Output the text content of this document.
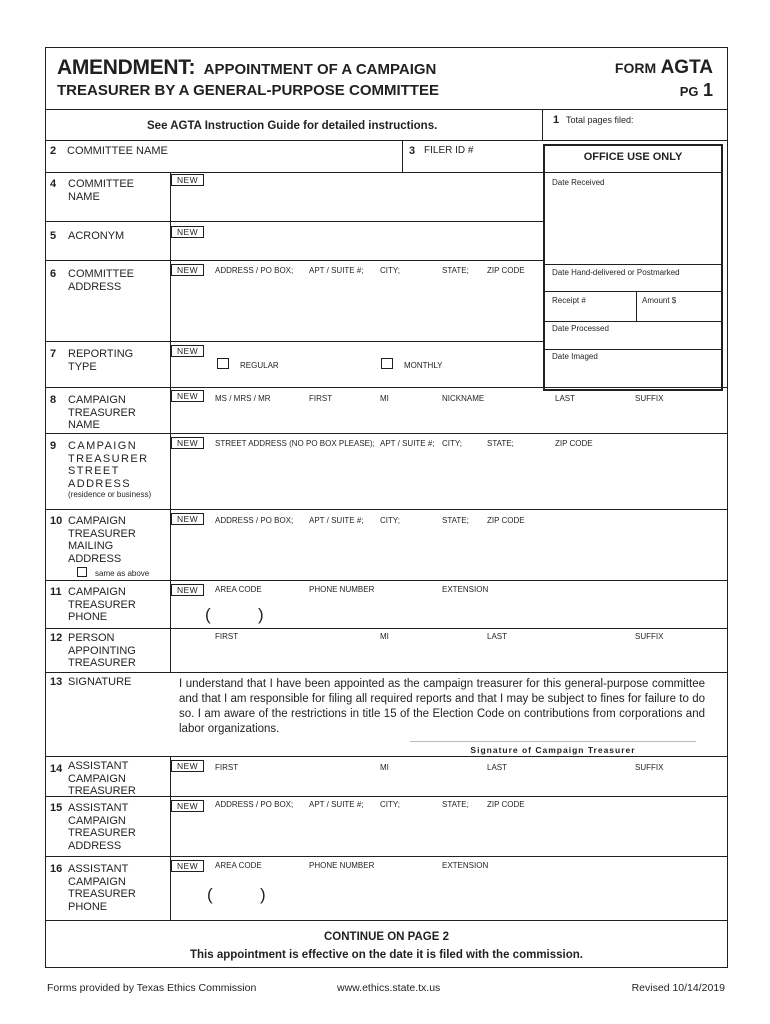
AMENDMENT: APPOINTMENT OF A CAMPAIGN
TREASURER BY A GENERAL-PURPOSE COMMITTEE
FORM AGTA
PG 1
See AGTA Instruction Guide for detailed instructions.	1 Total pages filed:
2 COMMITTEE NAME	3 FILER ID #
OFFICE USE ONLY
Date Received
Date Hand-delivered or Postmarked
Receipt #	Amount $
Date Processed
Date Imaged
4 COMMITTEE
NAME
NEW
5 ACRONYM	NEW
6 COMMITTEE
ADDRESS
NEW	ADDRESS / PO BOX; APT / SUITE #; CITY;	STATE; ZIP CODE
7 REPORTING
TYPE
NEW
REGULAR	MONTHLY
8 CAMPAIGN
TREASURER
NAME
NEW	MS / MRS / MR	FIRST	MI	NICKNAME	LAST	SUFFIX
9 CAMPAIGN
TREASURER
STREET
ADDRESS
(residence or business)
NEW	STREET ADDRESS (NO PO BOX PLEASE); APT / SUITE #; CITY;	STATE;	ZIP CODE
10 CAMPAIGN
TREASURER
MAILING
ADDRESS
same as above
NEW	ADDRESS / PO BOX; APT / SUITE #; CITY;	STATE; ZIP CODE
11 CAMPAIGN
TREASURER
PHONE
NEW	AREA CODE	PHONE NUMBER	EXTENSION
(	)
12 PERSON
APPOINTING
TREASURER
FIRST	MI	LAST	SUFFIX
13 SIGNATURE	I understand that I have been appointed as the campaign treasurer for this general-purpose committee and that I am responsible for filing all required reports and that I may be subject to fines for failure to do so. I am aware of the restrictions in title 15 of the Election Code on contributions from corporations and labor organizations.
Signature of Campaign Treasurer
14 ASSISTANT
CAMPAIGN
TREASURER
NEW	FIRST	MI	LAST	SUFFIX
15 ASSISTANT
CAMPAIGN
TREASURER
ADDRESS
NEW	ADDRESS / PO BOX; APT / SUITE #; CITY;	STATE; ZIP CODE
16 ASSISTANT
CAMPAIGN
TREASURER
PHONE
NEW	AREA CODE	PHONE NUMBER	EXTENSION
(	)
CONTINUE ON PAGE 2
This appointment is effective on the date it is filed with the commission.
Forms provided by Texas Ethics Commission	www.ethics.state.tx.us	Revised 10/14/2019
